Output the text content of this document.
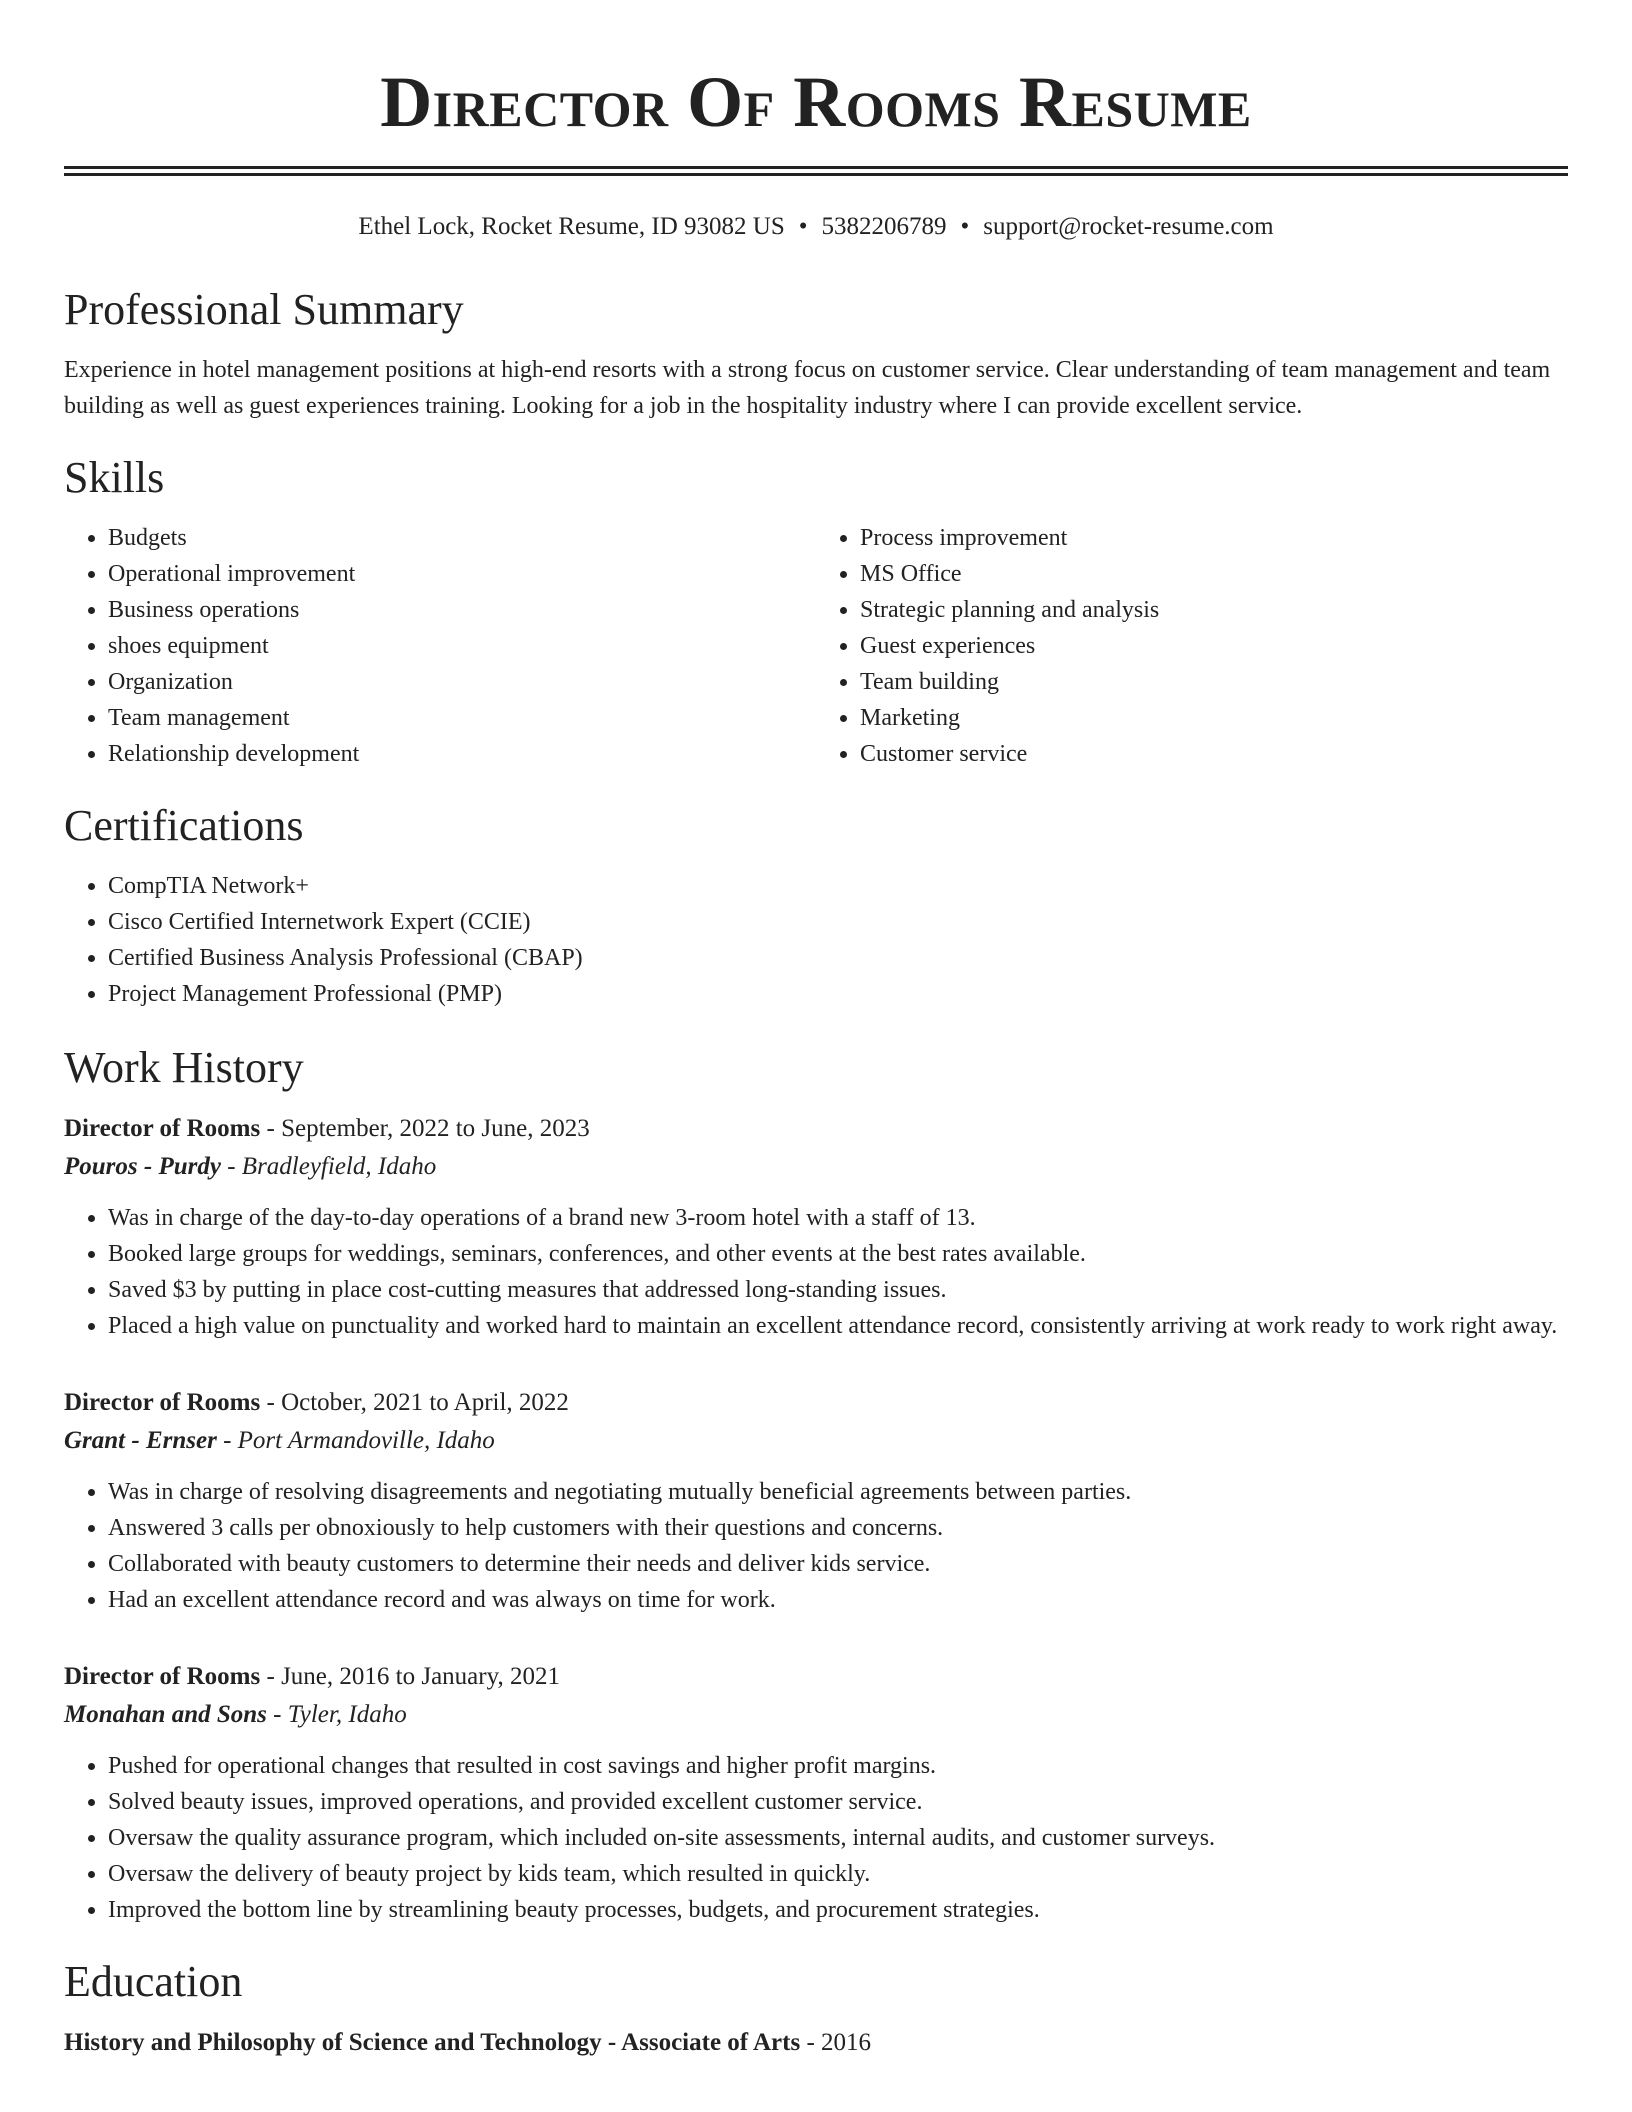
Director Of Rooms Resume
Ethel Lock, Rocket Resume, ID 93082 US • 5382206789 • support@rocket-resume.com
Professional Summary

Experience in hotel management positions at high-end resorts with a strong focus on customer service. Clear understanding of team management and team building as well as guest experiences training. Looking for a job in the hospitality industry where I can provide excellent service.

Skills
• Budgets
• Operational improvement
• Business operations
• shoes equipment
• Organization
• Team management
• Relationship development
• Process improvement
• MS Office
• Strategic planning and analysis
• Guest experiences
• Team building
• Marketing
• Customer service
Certifications
• CompTIA Network+
• Cisco Certified Internetwork Expert (CCIE)
• Certified Business Analysis Professional (CBAP)
• Project Management Professional (PMP)
Work History
Director of Rooms - September, 2022 to June, 2023
Pouros - Purdy - Bradleyfield, Idaho
• Was in charge of the day-to-day operations of a brand new 3-room hotel with a staff of 13.
• Booked large groups for weddings, seminars, conferences, and other events at the best rates available.
• Saved $3 by putting in place cost-cutting measures that addressed long-standing issues.
• Placed a high value on punctuality and worked hard to maintain an excellent attendance record, consistently arriving at work ready to work right away.
Director of Rooms - October, 2021 to April, 2022
Grant - Ernser - Port Armandoville, Idaho
• Was in charge of resolving disagreements and negotiating mutually beneficial agreements between parties.
• Answered 3 calls per obnoxiously to help customers with their questions and concerns.
• Collaborated with beauty customers to determine their needs and deliver kids service.
• Had an excellent attendance record and was always on time for work.
Director of Rooms - June, 2016 to January, 2021
Monahan and Sons - Tyler, Idaho
• Pushed for operational changes that resulted in cost savings and higher profit margins.
• Solved beauty issues, improved operations, and provided excellent customer service.
• Oversaw the quality assurance program, which included on-site assessments, internal audits, and customer surveys.
• Oversaw the delivery of beauty project by kids team, which resulted in quickly.
• Improved the bottom line by streamlining beauty processes, budgets, and procurement strategies.
Education
History and Philosophy of Science and Technology - Associate of Arts - 2016
